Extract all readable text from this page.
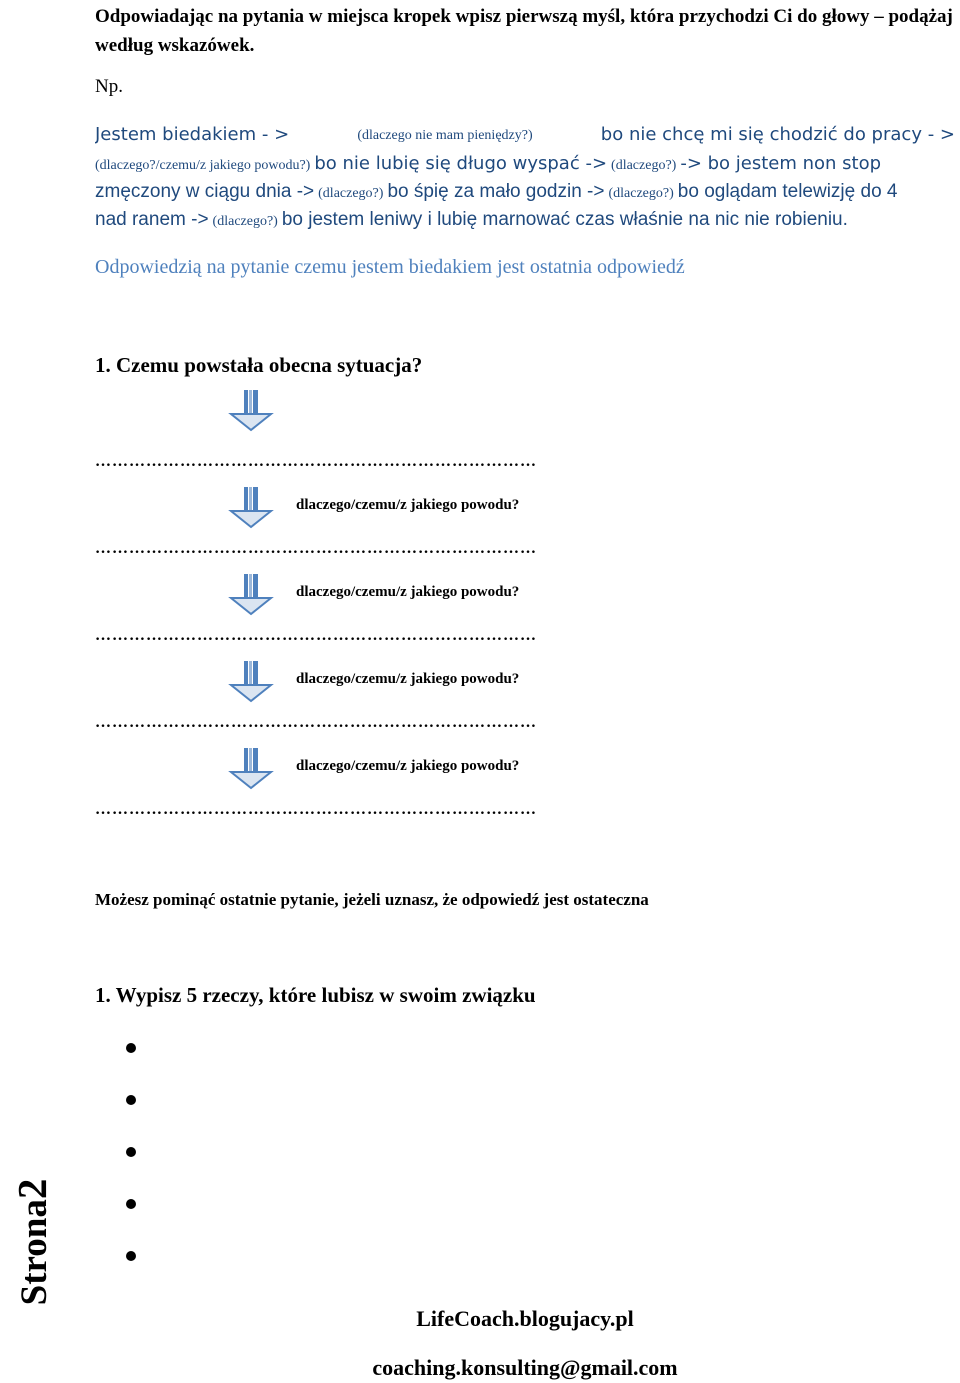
Odpowiadając na pytania w miejsca kropek wpisz pierwszą myśl, która przychodzi Ci do głowy – podążaj według wskazówek.
Np.
Jestem biedakiem - >	(dlaczego nie mam pieniędzy?)	bo nie chcę mi się chodzić do pracy - >
(dlaczego?/czemu/z jakiego powodu?) bo nie lubię się długo wyspać -> (dlaczego?) -> bo jestem non stop
zmęczony w ciągu dnia -> (dlaczego?) bo śpię za mało godzin -> (dlaczego?) bo oglądam telewizję do 4
nad ranem -> (dlaczego?) bo jestem leniwy i lubię marnować czas właśnie na nic nie robieniu.
Odpowiedzią na pytanie czemu jestem biedakiem jest ostatnia odpowiedź
1. Czemu powstała obecna sytuacja?
……………………………………………………………………
dlaczego/czemu/z jakiego powodu?
……………………………………………………………………
dlaczego/czemu/z jakiego powodu?
……………………………………………………………………
dlaczego/czemu/z jakiego powodu?
……………………………………………………………………
dlaczego/czemu/z jakiego powodu?
……………………………………………………………………
Możesz pominąć ostatnie pytanie, jeżeli uznasz, że odpowiedź jest ostateczna
1. Wypisz 5 rzeczy, które lubisz w swoim związku
Strona2
LifeCoach.blogujacy.pl
coaching.konsulting@gmail.com
